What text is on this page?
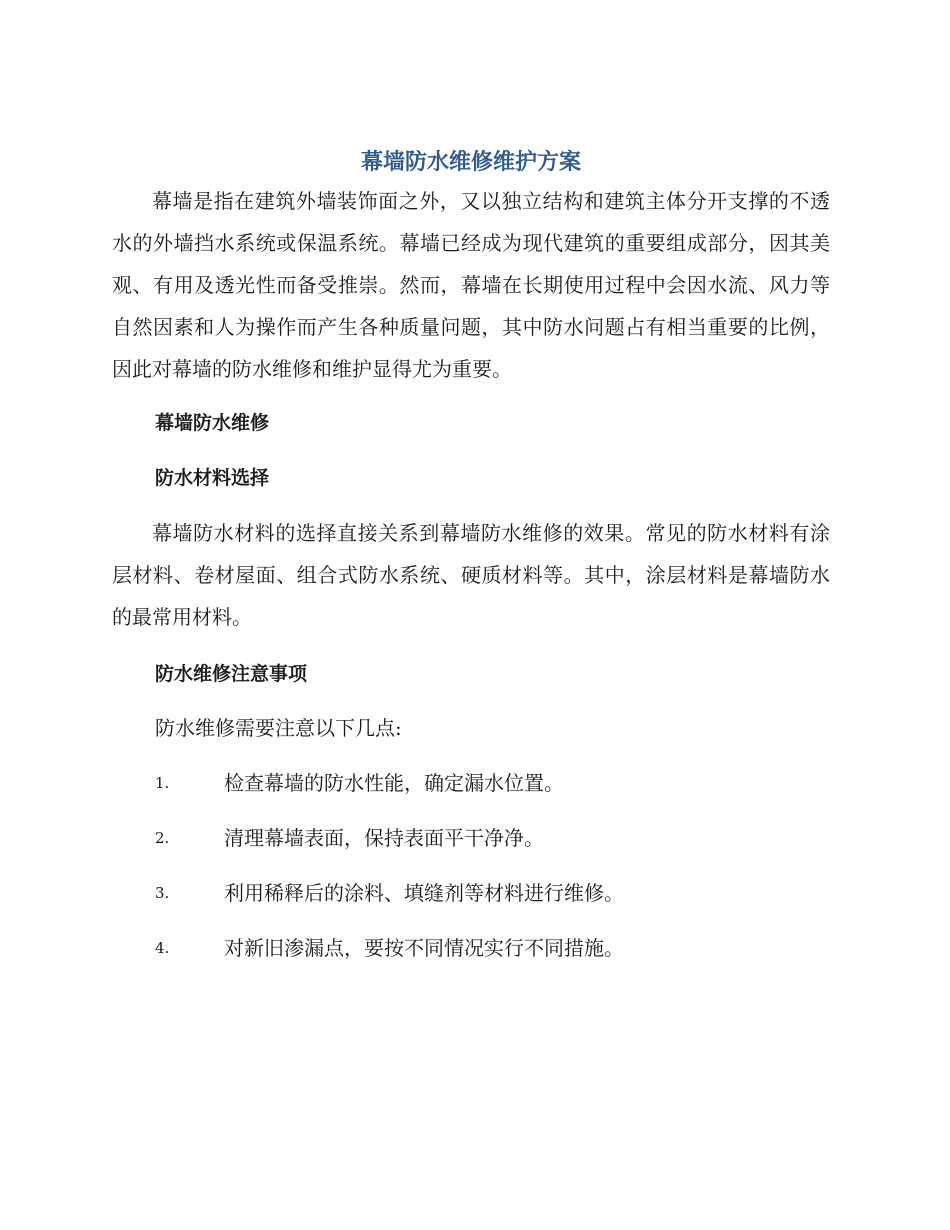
幕墙防水维修维护方案

幕墙是指在建筑外墙装饰面之外，又以独立结构和建筑主体分开支撑的不透水的外墙挡水系统或保温系统。幕墙已经成为现代建筑的重要组成部分，因其美观、有用及透光性而备受推崇。然而，幕墙在长期使用过程中会因水流、风力等自然因素和人为操作而产生各种质量问题，其中防水问题占有相当重要的比例，因此对幕墙的防水维修和维护显得尤为重要。

幕墙防水维修
防水材料选择

幕墙防水材料的选择直接关系到幕墙防水维修的效果。常见的防水材料有涂层材料、卷材屋面、组合式防水系统、硬质材料等。其中，涂层材料是幕墙防水的最常用材料。

防水维修注意事项
防水维修需要注意以下几点:
1.	检查幕墙的防水性能，确定漏水位置。
2.	清理幕墙表面，保持表面平干净净。
3.	利用稀释后的涂料、填缝剂等材料进行维修。
4.	对新旧渗漏点，要按不同情况实行不同措施。
